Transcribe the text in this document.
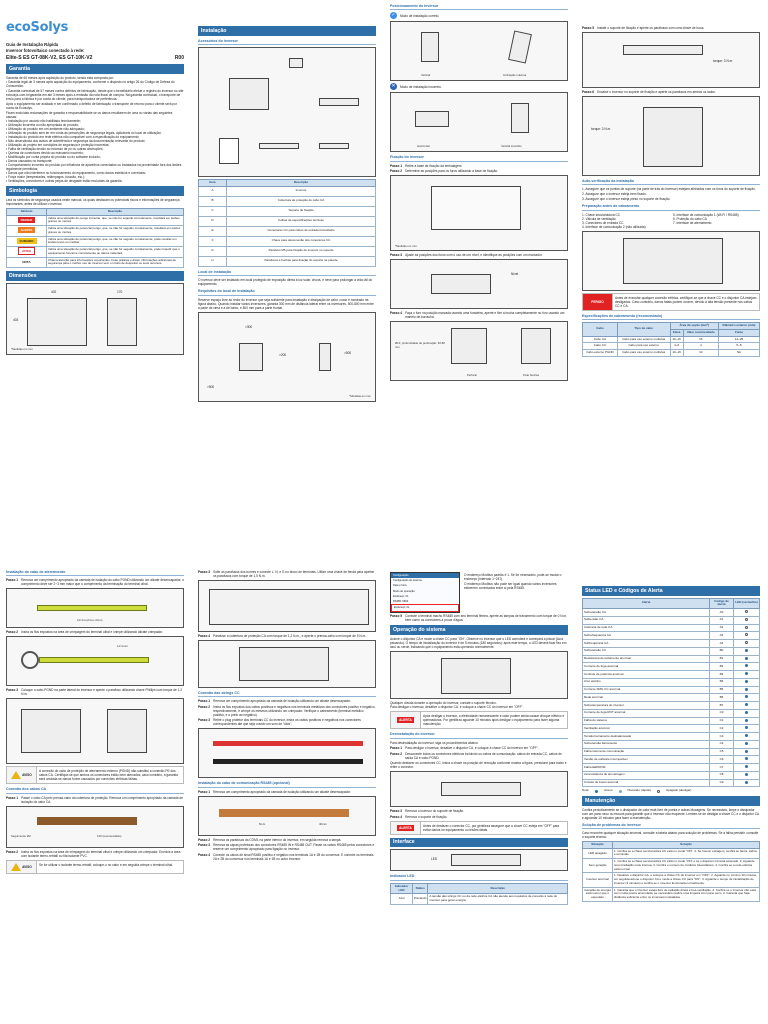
ecoSolys
Guia de Instalação Rápida
Inversor fotovoltaico conectado à rede:
Elite-S ES GT-08K-V2, ES GT-10K-V2	R00
Garantia
Garantia de 60 meses após aquisição do produto, sendo esta composta por:
• Garantia legal de 3 meses após aquisição do equipamento, conforme o disposto no artigo 26 do Código de Defesa do Consumidor.
• Garantia contratual de 57 meses contra defeitos de fabricação, desde que o beneficiário efetue o registro do inversor no site ecosolys.com.br/garantia em até 3 meses após a emissão da nota fiscal de compra. Na garantia contratual, o transporte de envio para a fábrica é por conta do cliente, para transportadora de preferência.
Após o equipamento ser avaliado e ser confirmado o defeito de fabricação o transporte de retorno para o cliente será por conta da Ecosolys.
Ficam excluídas reclamações de garantia e responsabilidade se os danos resultarem de uma ou várias das seguintes causas:
• Instalação por usuário não habilitado tecnicamente;
• Utilização incorreta ou não apropriada do produto;
• Utilização do produto em um ambiente não adequado;
• Utilização do produto sem ter em conta as prescrições de segurança legais, aplicáveis no local de utilização;
• Instalação do produto em rede elétrica não compatível com a especificação do equipamento;
• Não observância dos avisos de advertência e segurança da documentação relevante do produto;
• Utilização do projeto em condições de segurança e proteção incorretas;
• Falha de ventilação devido ao excesso de pó ou outras obstruções;
• Queima de conectores devido ao manuseio incorreto;
• Modificação por conta própria do produto ou do software incluído;
• Danos causados no transporte;
• Comportamento incorreto do produto por influência de aparelhos conectados ou instalados na proximidade fora dos limites legalmente permitidos;
• Danos que não interferem no funcionamento do equipamento, como danos estéticos e correlatos;
• Força maior (tempestades, relâmpagos, furacão, etc.);
• Ventilações, conectores e outras peças de desgaste estão excluídas da garantia.
Simbologia
Leia os símbolos de segurança usados neste manual, os quais destacam os potenciais riscos e informações de segurança importantes, antes de utilizar o inversor.
Símbolo	Descrição
PERIGO	Indica uma situação de perigo iminente, que, se não for seguido corretamente, resultará em lesões graves ou mortes.
ALERTA	Indica uma situação de potencial perigo, que, se não for seguido corretamente, resultará em lesões graves ou mortes.
CUIDADO	Indica uma situação de potencial perigo, que, se não for seguido corretamente, pode resultar em lesões leves ou médias.
AVISO	Indica uma situação de potencial perigo, que, se não for seguido corretamente, pode impedir que o equipamento funcione corretamente ou danos materiais.
NOTA	Chama atenção para informações importantes, boas práticas e dicas: informações adicionais de segurança para o melhor uso do inversor sem o intuito de despeitar os seus recursos.
Dimensões
402	170
403
*Medidas em mm
Instalação
Acessórios do inversor
Item	Descrição
A	Inversor
B	Cobertura de proteção do cabo CA
C	Suporte de fixação
D	Folhas de especificações técnicas
E	Conectores CC para cabos de entrada fotovoltaico
F	Chave para desconexão dos conectores CC
G	Parafuso M5 para fixação do inversor no suporte
H	Parafusos e buchas para fixação do suporte na parede
Local de instalação
O inversor deve ser instalado em local protegido de exposição direta à luz solar, chuva, e neve para prolongar a vida útil do equipamento.
Requisitos do local de instalação
Reserve espaço livre ao redor do inversor que seja suficiente para instalação e dissipação de calor, como é mostrado na figura abaixo. Quando instalar vários inversores, garanta 300 mm de distância lateral entre os inversores, 500-800 mm entre a parte de cima e a de baixo, e 800 mm para a parte frontal.
>300
>200
>500
>500
*Medidas em mm
Posicionamento do Inversor
✓	Modo de instalação correto.
Vertical	Inclinação máxima
✕	Modo de instalação incorreto.
Horizontal	Vertical invertido
Fixação do Inversor
Passo 1 Retire a base de fixação da embalagem.
Passo 2 Determine as posições para os furos utilizando a base de fixação.
*Medidas em mm.
Passo 3 Ajuste as posições dos furos com o uso de um nível, e identifique as posições com um marcador.
Nível
Passo 4 Faça o furo na posição marcada usando uma furadeira, aperte e fixe a bucha completamente no furo usando um martelo de borracha.
Ø10, profundidade de perfuração: 60-80 mm
Perfurar	Fixar buchas
Passo 5 Instale o suporte de fixação e aperte os parafusos com uma chave de boca.
torque: 3 N.m
Passo 6 Encaixe o inversor no suporte de fixação e aperte os parafusos em ambos os lados.
torque: 3 N.m
Auto-verificação da instalação
1. Assegure que os pontos de suporte (na parte de trás do inversor) estejam alinhados com os furos do suporte de fixação.
2. Assegure que o inversor esteja bem fixado.
3. Assegure que o inversor esteja preso no suporte de fixação.
Preparação antes do cabeamento
1. Chave seccionadora CC
2. Válvula de ventilação
3. Conectores de entrada CC
4. Interface de comunicação 2 (não utilizada)
5. Interface de comunicação 1 (Wi-Fi / RS485)
6. Proteção do cabo CA
7. Interface de aterramento
PERIGO
Antes de executar qualquer conexão elétrica, certifique-se que a chave CC e o disjuntor CA estejam desligados. Caso contrário, danos fatais podem ocorrer, devido à alta tensão presente nos cabos CC e CA.
Especificações de cabeamento (recomendado)
Cabo	Tipo de cabo	Área da seção (mm²)		Diâmetro externo (mm)
		Faixa	Valor recomendado	Faixa
Cabo CA	Cabo para uso externo multivias	10~16	16	14~25
Cabo CC	Cabo para uso externo	4~6	4	5~8
Cabo externo PGND	Cabo para uso externo multivias	10~16	10	NA
Instalação do cabo de aterramento
Passo 1 Remova um comprimento apropriado da camada de isolação do cabo PGND utilizando um alicate desencapador, o comprimento deve ser 2~3 mm maior que o comprimento da terminação do terminal olhal.
L2=L1+(2mm~3mm)
Passo 2 Insira os fios expostos na área de crimpagem do terminal olhal e crimpe utilizando alicate crimpador.
L1=Lmm
Passo 3 Coloque o cabo PGND na parte lateral do inversor e aperte o parafuso utilizando chave Phillips com torque de 1,2 N.m.

AVISO
A conexão do cabo de proteção de aterramento externo (PGND) não substitui a conexão PE dos cabos CA. Certifique-se que ambos os conectores estão bem aterrados; caso contrário, a garantia será anulada se danos forem causados por conexões elétricas falhas.
Conexão dos cabos CA
Passo 1 Passe o cabo CA pelo prensa-cabo da cobertura de proteção. Remova um comprimento apropriado da camada de isolação do cabo CA.
Seguimento 2M	120 (recomendado)
Passo 2 Insira os fios expostos na área de crimpagem do terminal olhal e crimpe utilizando um crimpador. Envolva a área com isolante termo-retrátil ou fita isolante PVC.

AVISO	Se for utilizar o isolante termo-retrátil, coloque-o no cabo e em seguida crimpe o terminal olhal.
Passo 3 Solte os parafusos dos bornes e conecte L, N, e G no bloco de terminais. Utilize uma chave de fenda para apertar os parafusos com torque de 1,5 N.m.
Passo 4 Parafuse a cobertura de proteção CA com torque de 1,2 N.m., e aperte o prensa-cabo com torque de 5 N.m.
Conexão das strings CC
Passo 1 Remova um comprimento apropriado da camada de isolação utilizando um alicate desencapador.
Passo 2 Insira os fios expostos dos cabos positivos e negativos nos terminais metálicos dos conectores positivo e negativo, respectivamente, e crimpe os mesmos utilizando um crimpador. Verifique o cabeamento (terminal metálico positivo, e o preto ao negativo).
Passo 3 Retire o plug protetor dos terminais CC do inversor, insira os cabos positivos e negativos nos conectores correspondentes até que seja ouvido um som de "click".
Instalação do cabo de comunicação RS485 (opcional)
Passo 1 Remova um comprimento apropriado da camada de isolação utilizando um alicate desencapador.
5mm	40mm
Passo 2 Remova os parafusos da COM1 na parte inferior do inversor, em seguida remova a tampa.
Passo 3 Remova as capas protetoras dos conectores RS485 IN e RS485 OUT. Passe os cabos RS485 pelos conectores e reserve um comprimento apropriado para ligação no inversor.
Passo 4 Conecte os cabos de sinal RS485 positivo e negativo nos terminais 1A e 1B do conversor. E conecte os terminais 2A e 2B do conversor nos terminais 1A e 1B no outro inversor.
Configuração
Configuração do sistema
Data e hora
Modo de operação
Endereço: 01
RS485: 9600
Endereço: 01
O endereço Modbus padrão é 1. Se for necessário, pode-se mudar o endereço (intervalo 1~247).
O endereço Modbus não pode ser igual quando vários inversores estiverem conectados entre si pela RS485.
Passo 5 Conecte o terminal macho RS485 com seu terminal fêmea, aperte as tampas de travamento com torque de 0 N.m, bem como os conectores à prova d'água.
Operação do sistema
Acione o disjuntor CA e mude a chave CC para "ON". Observe no inversor que o LED acenderá e começará a piscar (Azul piscando). O tempo de inicialização do inversor é de 5 minutos (180 segundos); após este tempo, o LED deverá ficar fixo em azul ou verde, indicando que o equipamento está operando normalmente.
Qualquer dúvida durante a operação do inversor, contate o suporte técnico.
Para desligar o inversor, desative o disjuntor CA, e coloque a chave CC do inversor em "OFF".
ALERTA
Após desligar o inversor, a eletricidade remanescente e calor podem ainda causar choque elétrico e queimaduras. Por gentileza aguarde 10 minutos após desligar o equipamento para fazer alguma manutenção.
Desinstalação do inversor
Para desinstalação do inversor, siga os procedimentos abaixo:
Passo 1 Para desligar o inversor, desative o disjuntor CA, e coloque a chave CC do inversor em "OFF".
Passo 2 Desconecte todos os conectores elétricos incluindo os cabos de comunicação, cabos de entrada CC, cabos de saída CA e cabo PGND.
Quando desfazer os conectores CC, insira a chave na posição de remoção conforme mostra a figura, pressione para baixo e retire o conector.
Passo 3 Remova o inversor do suporte de fixação.
Passo 4 Remova o suporte de fixação.
ALERTA	Antes de desfazer o conector CC, por gentileza assegure que a chave CC esteja em "OFF" para evitar danos no equipamento ou lesões fatais.
Interface
LED
Indicador LED
Indicador LED	Status	Descrição
Azul	Piscando	A tensão das strings CC ou da rede elétrica CA não atende aos requisitos de conexão à rede do inversor para gerar energia.
Status LED e Códigos de Alerta
Alerta	Código de alerta	LED (vermelho)
Sobretensão CA	A0	
Subtensão CA	A1	
Ausência de rede CA	A2	
Sobrefrequência CA	A3	
Subfrequência CA	A4	
Sobretensão CC	B0	
Resistência de isolamento anormal	B1	
Corrente de fuga anormal	B2	
Controle de potência anormal	B3	
Arco elétrico	B4	
Corrente SMG CC anormal	B5	
Rede anormal	B6	
Sobretemperatura do inversor	B7	
Corrente de fuga ROT anormal	C0	
Falha do sistema	C1	
Ventilação anormal	C2	
Tensão barramento desbalanceada	C3	
Sobretensão barramento	C4	
Falha interna de comunicação	C5	
Versão de software incompatível	C6	
Falha EEPROM	C7	
Inconsistência de amostragem	C8	
Circuito de boost anormal	C9	
Nota:	Aceso	Piscando (rápido)	Apagado (desligar)
Manutenção
Confira periodicamente se o dissipador de calor está livre de poeira e outras blocagens. Se necessário, limpe o dissipador com um pano seco ou escova para garantir que o inversor não esquente. Lembre-se de desligar a chave CC e o disjuntor CA e aguardar 10 minutos para fazer a manutenção.
Solução de problemas do inversor
Caso encontre qualquer situação anormal, consulte a tabela abaixo para solução de problemas. Se a falha persistir, consulte o suporte técnico.
Situação	Solução
LED apagado	1. Confira se a chave seccionadora CC está no modo "ON". 2. Se houver estiagem, confira se faróis, cabos e terminais.
Sem geração	1. Confira se a chave seccionadora CC está no modo "ON" e se o disjuntor CA está acionado. 2. Aguarde uma irradiação mais intensa. 3. Confira o número de módulos fotovoltaicos. 4. Confira se a rede elétrica está normal.
Inversor anormal	1. Desative o disjuntor CA, e coloque a chave CC do inversor em "OFF". 2. Aguarde no mínimo 10 minutos, em seguida acione o disjuntor CA e mude a chave CC para "ON". 3. Aguarde o tempo de inicialização do inversor (3 minutos) e confira se o inversor funcionará normalmente.
Geração de energia está menor que o esperado	1. Garanta que o inversor esteja livre de radiação direta e boa ventilação. 2. Confira se o inversor não está com muita poeira acumulada, se necessário realize uma limpeza com pano seco. 3. Garanta que haja distância suficiente entre os inversores instalados.
